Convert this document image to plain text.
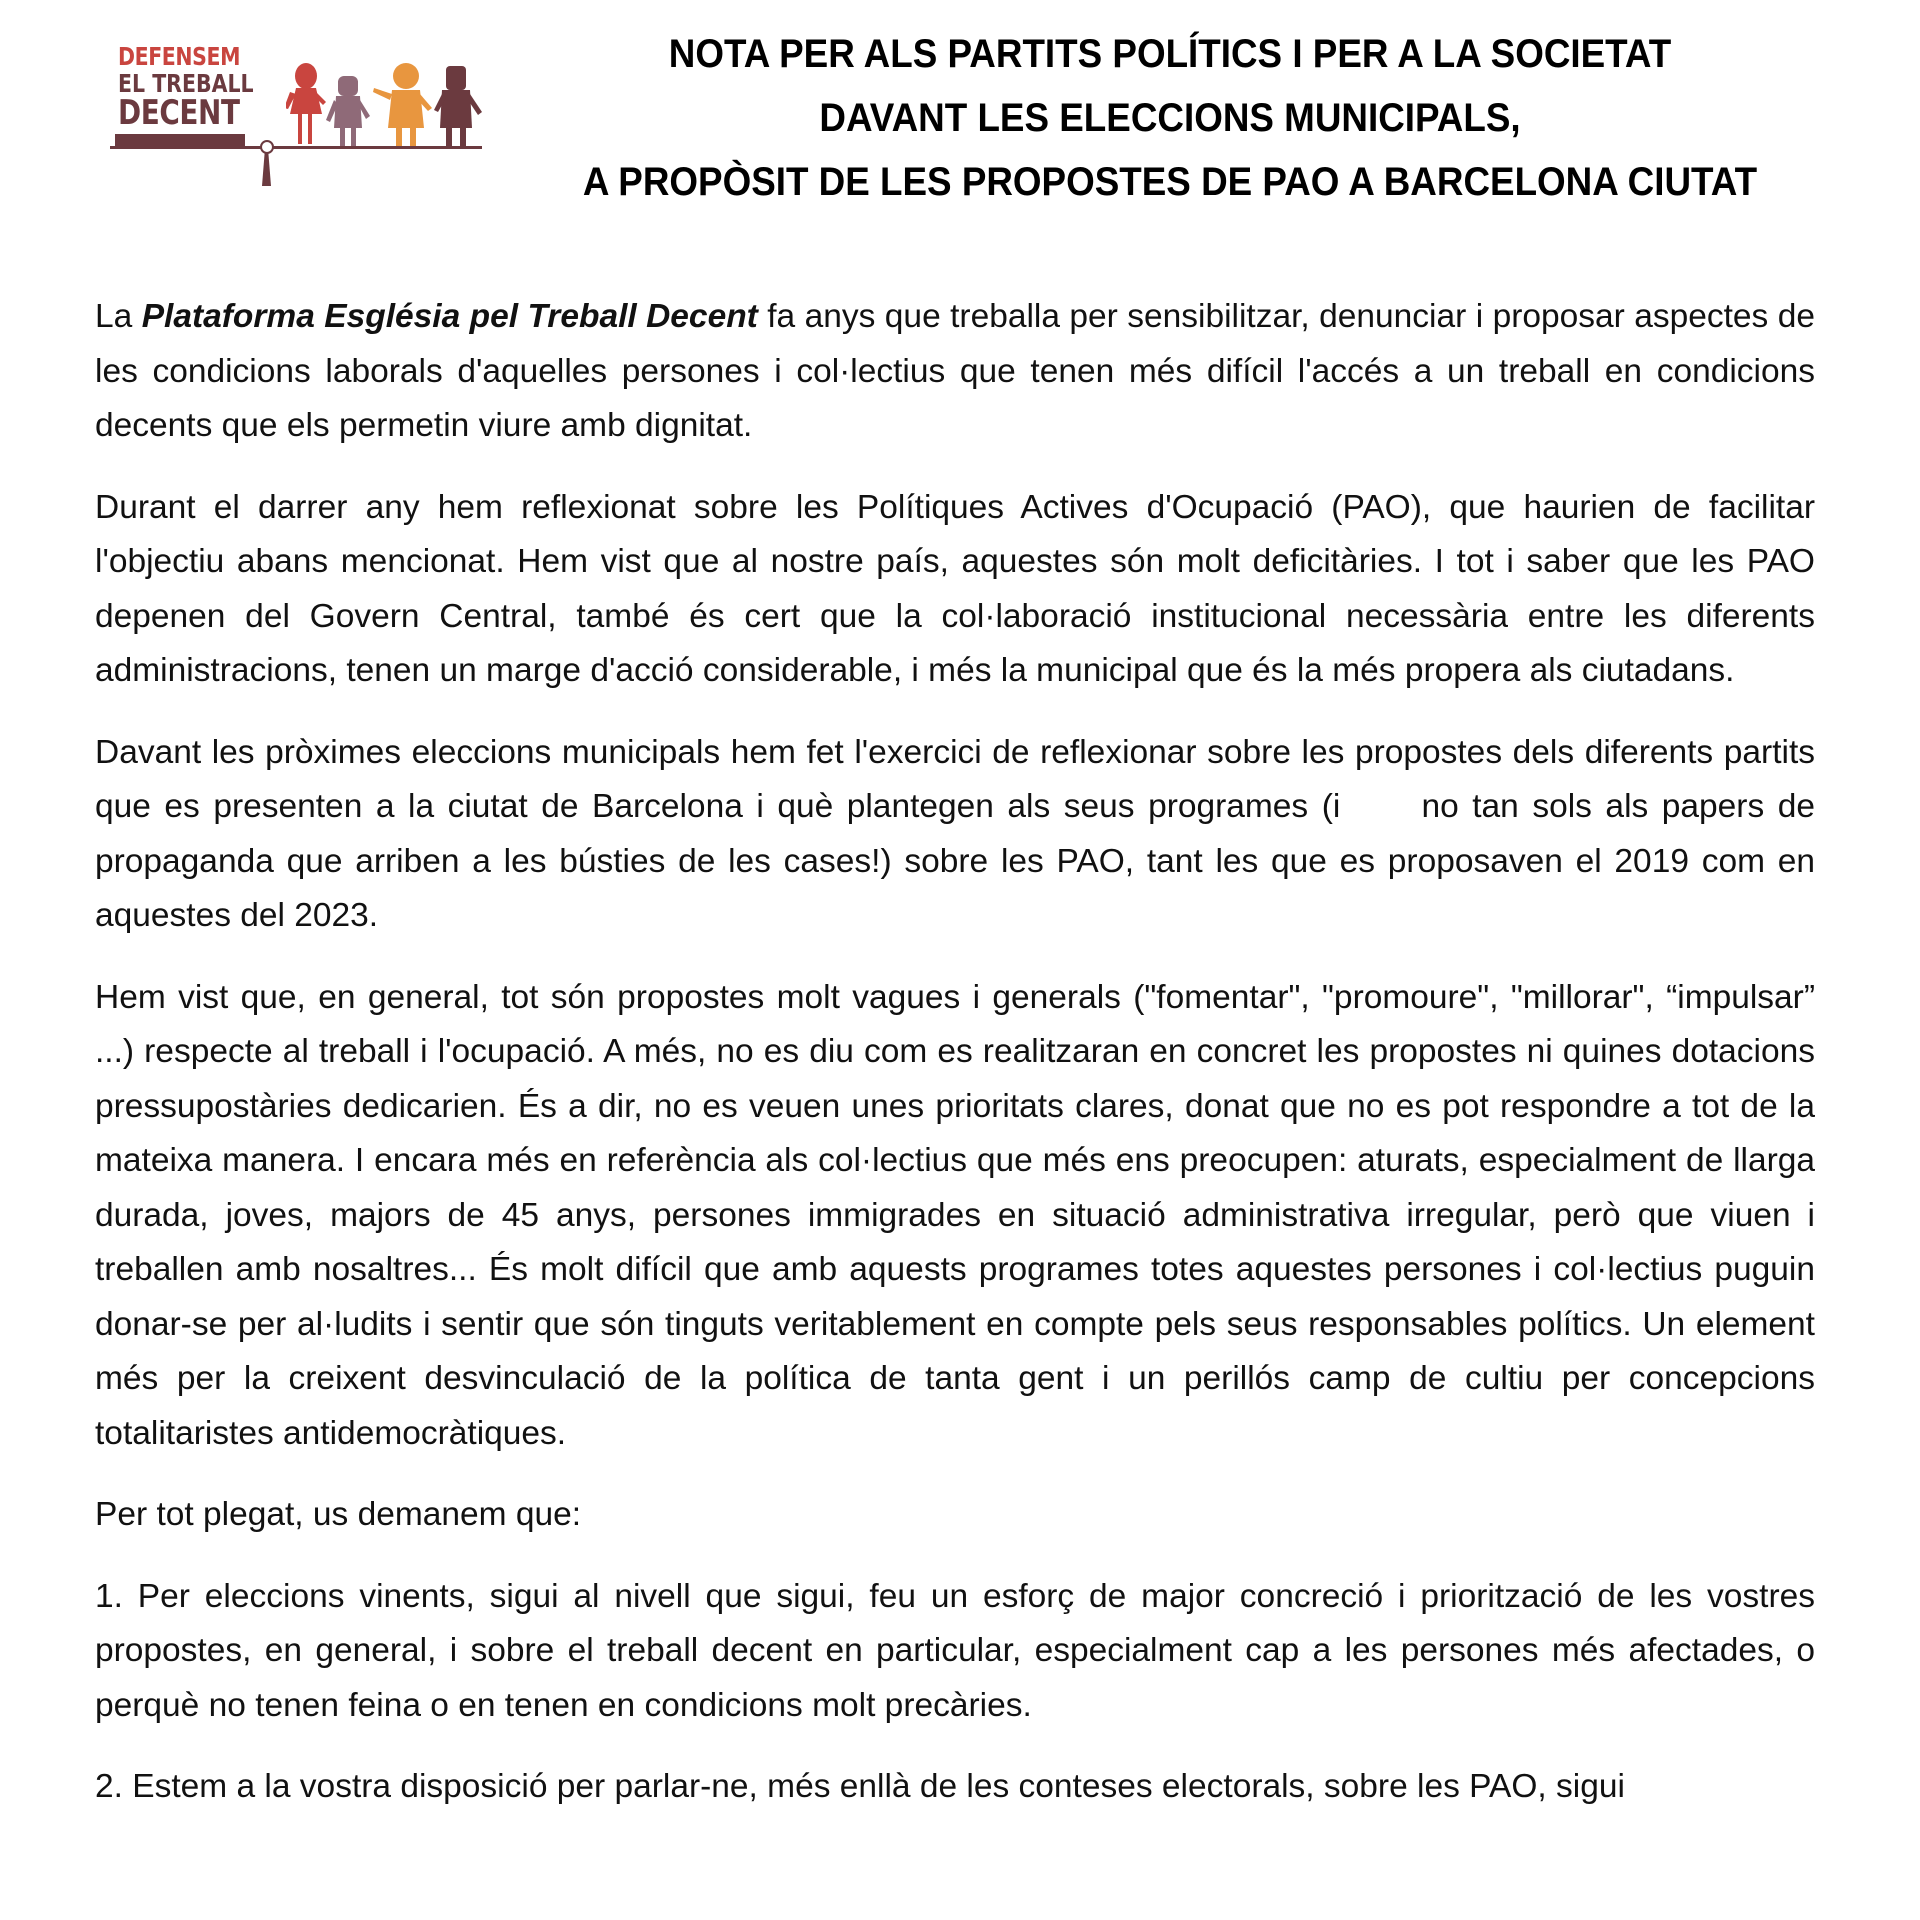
DEFENSEM
EL TREBALL
DECENT
NOTA PER ALS PARTITS POLÍTICS I PER A LA SOCIETAT
DAVANT LES ELECCIONS MUNICIPALS,
A PROPÒSIT DE LES PROPOSTES DE PAO A BARCELONA CIUTAT

La Plataforma Església pel Treball Decent fa anys que treballa per sensibilitzar, denunciar i proposar aspectes de les condicions laborals d'aquelles persones i col·lectius que tenen més difícil l'accés a un treball en condicions decents que els permetin viure amb dignitat.

Durant el darrer any hem reflexionat sobre les Polítiques Actives d'Ocupació (PAO), que haurien de facilitar l'objectiu abans mencionat. Hem vist que al nostre país, aquestes són molt deficitàries. I tot i saber que les PAO depenen del Govern Central, també és cert que la col·laboració institucional necessària entre les diferents administracions, tenen un marge d'acció considerable, i més la municipal que és la més propera als ciutadans.

Davant les pròximes eleccions municipals hem fet l'exercici de reflexionar sobre les propostes dels diferents partits que es presenten a la ciutat de Barcelona i què plantegen als seus programes (i      no tan sols als papers de propaganda que arriben a les bústies de les cases!) sobre les PAO, tant les que es proposaven el 2019 com en aquestes del 2023.

Hem vist que, en general, tot són propostes molt vagues i generals ("fomentar", "promoure", "millorar", “impulsar” ...) respecte al treball i l'ocupació. A més, no es diu com es realitzaran en concret les propostes ni quines dotacions pressupostàries dedicarien. És a dir, no es veuen unes prioritats clares, donat que no es pot respondre a tot de la mateixa manera. I encara més en referència als col·lectius que més ens preocupen: aturats, especialment de llarga durada, joves, majors de 45 anys, persones immigrades en situació administrativa irregular, però que viuen i treballen amb nosaltres... És molt difícil que amb aquests programes totes aquestes persones i col·lectius puguin donar-se per al·ludits i sentir que són tinguts veritablement en compte pels seus responsables polítics. Un element més per la creixent desvinculació de la política de tanta gent i un perillós camp de cultiu per concepcions totalitaristes antidemocràtiques.

Per tot plegat, us demanem que:

1. Per eleccions vinents, sigui al nivell que sigui, feu un esforç de major concreció i priorització de les vostres propostes, en general, i sobre el treball decent en particular, especialment cap a les persones més afectades, o perquè no tenen feina o en tenen en condicions molt precàries.

2. Estem a la vostra disposició per parlar-ne, més enllà de les conteses electorals, sobre les PAO, sigui
